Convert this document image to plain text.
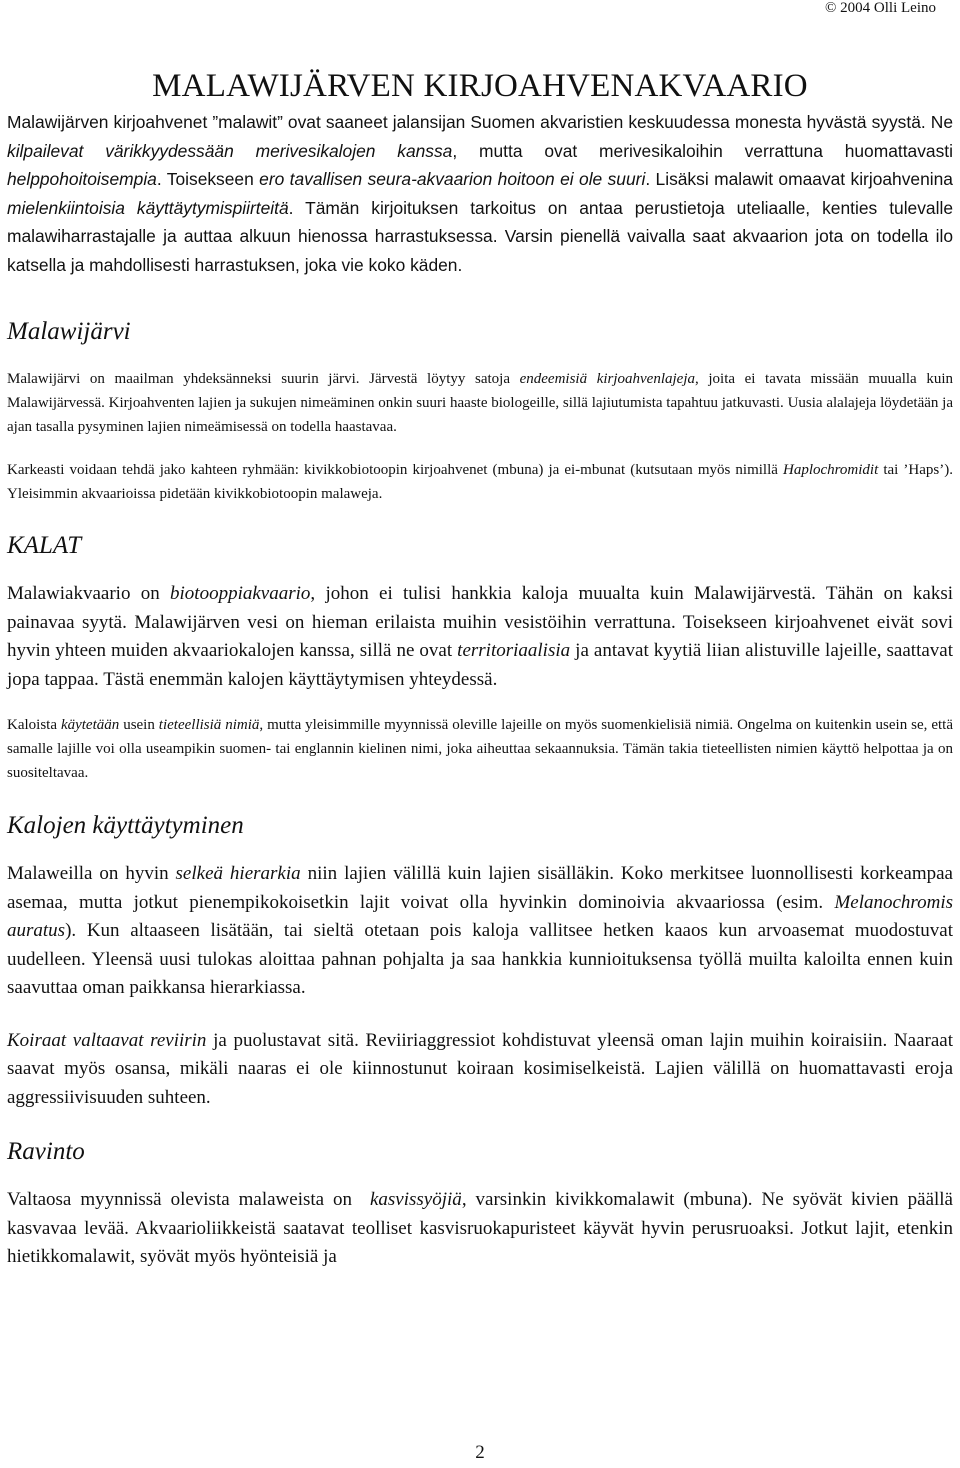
© 2004 Olli Leino
MALAWIJÄRVEN KIRJOAHVENAKVAARIO

Malawijärven kirjoahvenet ”malawit” ovat saaneet jalansijan Suomen akvaristien keskuudessa monesta hyvästä syystä. Ne kilpailevat värikkyydessään merivesikalojen kanssa, mutta ovat merivesikaloihin verrattuna huomattavasti helppohoitoisempia. Toisekseen ero tavallisen seura-akvaarion hoitoon ei ole suuri. Lisäksi malawit omaavat kirjoahvenina mielenkiintoisia käyttäytymispiirteitä. Tämän kirjoituksen tarkoitus on antaa perustietoja uteliaalle, kenties tulevalle malawiharrastajalle ja auttaa alkuun hienossa harrastuksessa. Varsin pienellä vaivalla saat akvaarion jota on todella ilo katsella ja mahdollisesti harrastuksen, joka vie koko käden.

Malawijärvi

Malawijärvi on maailman yhdeksänneksi suurin järvi. Järvestä löytyy satoja endeemisiä kirjoahvenlajeja, joita ei tavata missään muualla kuin Malawijärvessä. Kirjoahventen lajien ja sukujen nimeäminen onkin suuri haaste biologeille, sillä lajiutumista tapahtuu jatkuvasti. Uusia alalajeja löydetään ja ajan tasalla pysyminen lajien nimeämisessä on todella haastavaa.

Karkeasti voidaan tehdä jako kahteen ryhmään: kivikkobiotoopin kirjoahvenet (mbuna) ja ei-mbunat (kutsutaan myös nimillä Haplochromidit tai ’Haps’). Yleisimmin akvaarioissa pidetään kivikkobiotoopin malaweja.

KALAT

Malawiakvaario on biotooppiakvaario, johon ei tulisi hankkia kaloja muualta kuin Malawijärvestä. Tähän on kaksi painavaa syytä. Malawijärven vesi on hieman erilaista muihin vesistöihin verrattuna. Toisekseen kirjoahvenet eivät sovi hyvin yhteen muiden akvaariokalojen kanssa, sillä ne ovat territoriaalisia ja antavat kyytiä liian alistuville lajeille, saattavat jopa tappaa. Tästä enemmän kalojen käyttäytymisen yhteydessä.

Kaloista käytetään usein tieteellisiä nimiä, mutta yleisimmille myynnissä oleville lajeille on myös suomenkielisiä nimiä. Ongelma on kuitenkin usein se, että samalle lajille voi olla useampikin suomen- tai englannin kielinen nimi, joka aiheuttaa sekaannuksia. Tämän takia tieteellisten nimien käyttö helpottaa ja on suositeltavaa.

Kalojen käyttäytyminen

Malaweilla on hyvin selkeä hierarkia niin lajien välillä kuin lajien sisälläkin. Koko merkitsee luonnollisesti korkeampaa asemaa, mutta jotkut pienempikokoisetkin lajit voivat olla hyvinkin dominoivia akvaariossa (esim. Melanochromis auratus). Kun altaaseen lisätään, tai sieltä otetaan pois kaloja vallitsee hetken kaaos kun arvoasemat muodostuvat uudelleen. Yleensä uusi tulokas aloittaa pahnan pohjalta ja saa hankkia kunnioituksensa työllä muilta kaloilta ennen kuin saavuttaa oman paikkansa hierarkiassa.

Koiraat valtaavat reviirin ja puolustavat sitä. Reviiriaggressiot kohdistuvat yleensä oman lajin muihin koiraisiin. Naaraat saavat myös osansa, mikäli naaras ei ole kiinnostunut koiraan kosimiselkeistä. Lajien välillä on huomattavasti eroja aggressiivisuuden suhteen.

Ravinto

Valtaosa myynnissä olevista malaweista on  kasvissyöjiä, varsinkin kivikkomalawit (mbuna). Ne syövät kivien päällä kasvavaa levää. Akvaarioliikkeistä saatavat teolliset kasvisruokapuristeet käyvät hyvin perusruoaksi. Jotkut lajit, etenkin hietikkomalawit, syövät myös hyönteisiä ja

2
